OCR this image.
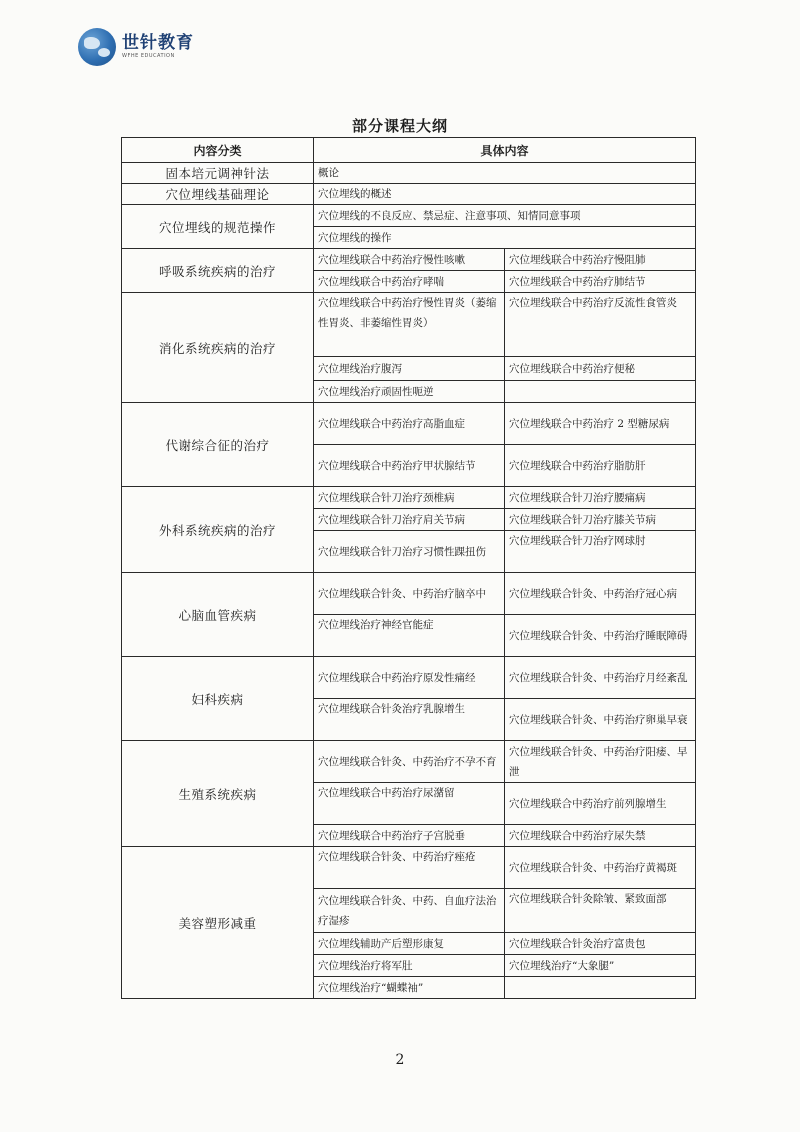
世针教育
WFHE EDUCATION
部分课程大纲
内容分类	具体内容	
固本培元调神针法	概论	
穴位埋线基础理论	穴位埋线的概述	
穴位埋线的规范操作	穴位埋线的不良反应、禁忌症、注意事项、知情同意事项	
	穴位埋线的操作	
呼吸系统疾病的治疗	穴位埋线联合中药治疗慢性咳嗽	穴位埋线联合中药治疗慢阻肺
	穴位埋线联合中药治疗哮喘	穴位埋线联合中药治疗肺结节
消化系统疾病的治疗	穴位埋线联合中药治疗慢性胃炎（萎缩性胃炎、非萎缩性胃炎）	穴位埋线联合中药治疗反流性食管炎
	穴位埋线治疗腹泻	穴位埋线联合中药治疗便秘
	穴位埋线治疗顽固性呃逆	
代谢综合征的治疗	穴位埋线联合中药治疗高脂血症	穴位埋线联合中药治疗 2 型糖尿病
	穴位埋线联合中药治疗甲状腺结节	穴位埋线联合中药治疗脂肪肝
外科系统疾病的治疗	穴位埋线联合针刀治疗颈椎病	穴位埋线联合针刀治疗腰痛病
	穴位埋线联合针刀治疗肩关节病	穴位埋线联合针刀治疗膝关节病
	穴位埋线联合针刀治疗习惯性踝扭伤	穴位埋线联合针刀治疗网球肘
心脑血管疾病	穴位埋线联合针灸、中药治疗脑卒中	穴位埋线联合针灸、中药治疗冠心病
	穴位埋线治疗神经官能症	穴位埋线联合针灸、中药治疗睡眠障碍
妇科疾病	穴位埋线联合中药治疗原发性痛经	穴位埋线联合针灸、中药治疗月经紊乱
	穴位埋线联合针灸治疗乳腺增生	穴位埋线联合针灸、中药治疗卵巢早衰
生殖系统疾病	穴位埋线联合针灸、中药治疗不孕不育	穴位埋线联合针灸、中药治疗阳痿、早泄
	穴位埋线联合中药治疗尿潴留	穴位埋线联合中药治疗前列腺增生
	穴位埋线联合中药治疗子宫脱垂	穴位埋线联合中药治疗尿失禁
美容塑形减重	穴位埋线联合针灸、中药治疗痤疮	穴位埋线联合针灸、中药治疗黄褐斑
	穴位埋线联合针灸、中药、自血疗法治疗湿疹	穴位埋线联合针灸除皱、紧致面部
	穴位埋线辅助产后塑形康复	穴位埋线联合针灸治疗富贵包
	穴位埋线治疗将军肚	穴位埋线治疗“大象腿”
	穴位埋线治疗“蝴蝶袖”	
2
